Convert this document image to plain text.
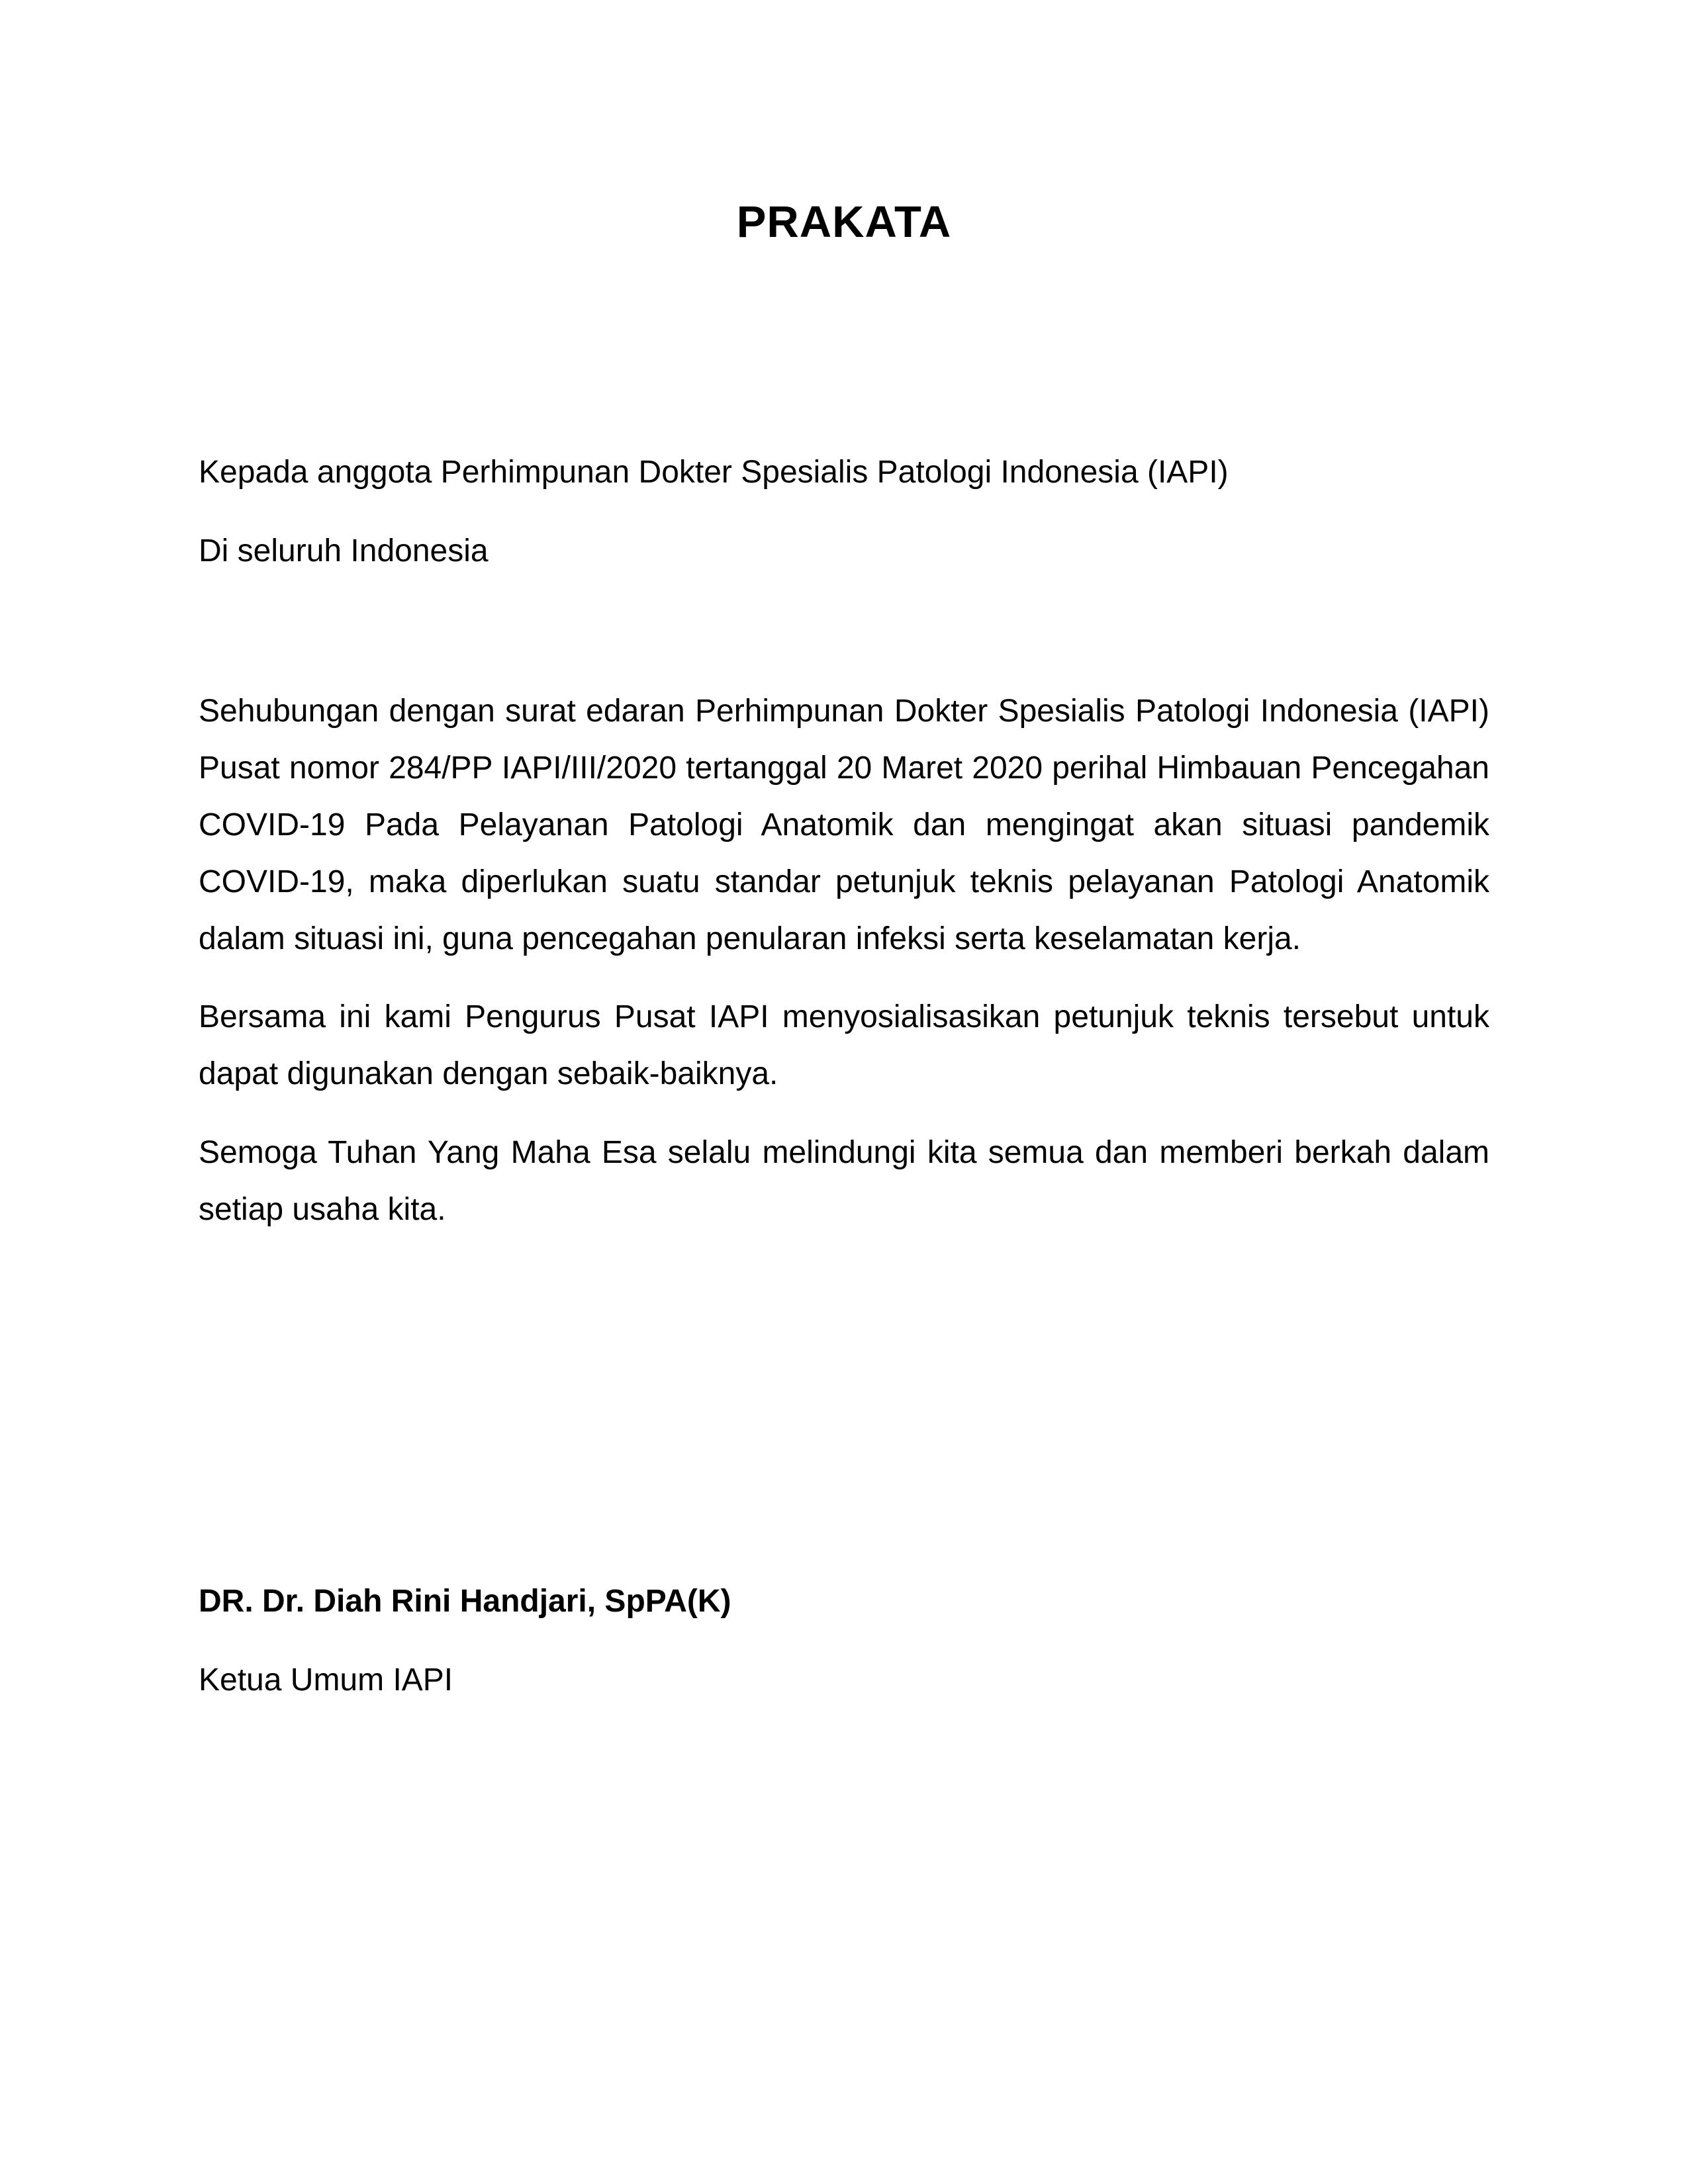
PRAKATA
Kepada anggota Perhimpunan Dokter Spesialis Patologi Indonesia (IAPI)
Di seluruh Indonesia
Sehubungan dengan surat edaran Perhimpunan Dokter Spesialis Patologi Indonesia (IAPI) Pusat nomor 284/PP IAPI/III/2020 tertanggal 20 Maret 2020 perihal Himbauan Pencegahan COVID-19 Pada Pelayanan Patologi Anatomik dan mengingat akan situasi pandemik COVID-19, maka diperlukan suatu standar petunjuk teknis pelayanan Patologi Anatomik dalam situasi ini, guna pencegahan penularan infeksi serta keselamatan kerja.
Bersama ini kami Pengurus Pusat IAPI menyosialisasikan petunjuk teknis tersebut untuk dapat digunakan dengan sebaik-baiknya.
Semoga Tuhan Yang Maha Esa selalu melindungi kita semua dan memberi berkah dalam setiap usaha kita.
DR. Dr. Diah Rini Handjari, SpPA(K)
Ketua Umum IAPI
